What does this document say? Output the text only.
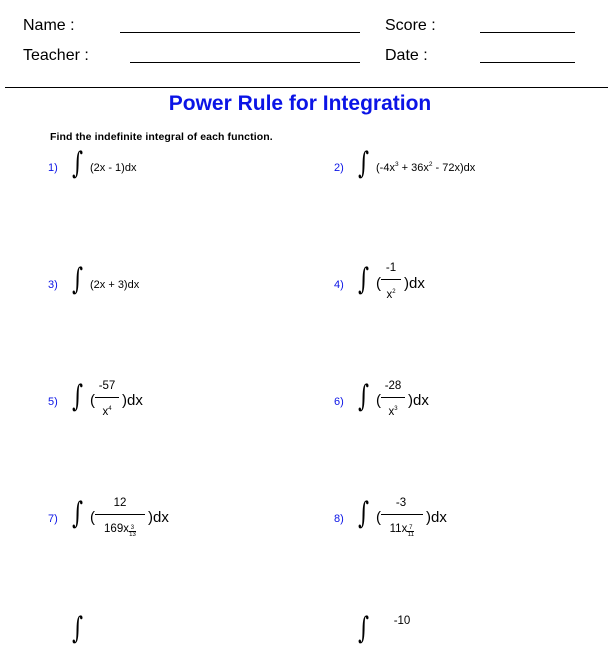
Name :	Score :
Teacher :	Date :
Power Rule for Integration
Find the indefinite integral of each function.
1) ∫ (2x - 1)dx	2) ∫ $(-4x^3 + 36x^2 - 72x)dx$
3) ∫ (2x + 3)dx	4) ∫ (
-1
$x^2$ )dx
5) ∫ (
-57
$x^4$ )dx	6) ∫ (
-28
$x^3$ )dx
7) ∫ (
12
$169x \frac{3}{13}$
)dx	8) ∫ (
-3
$11x \frac{7}{11}$
)dx
∫	∫	-10
